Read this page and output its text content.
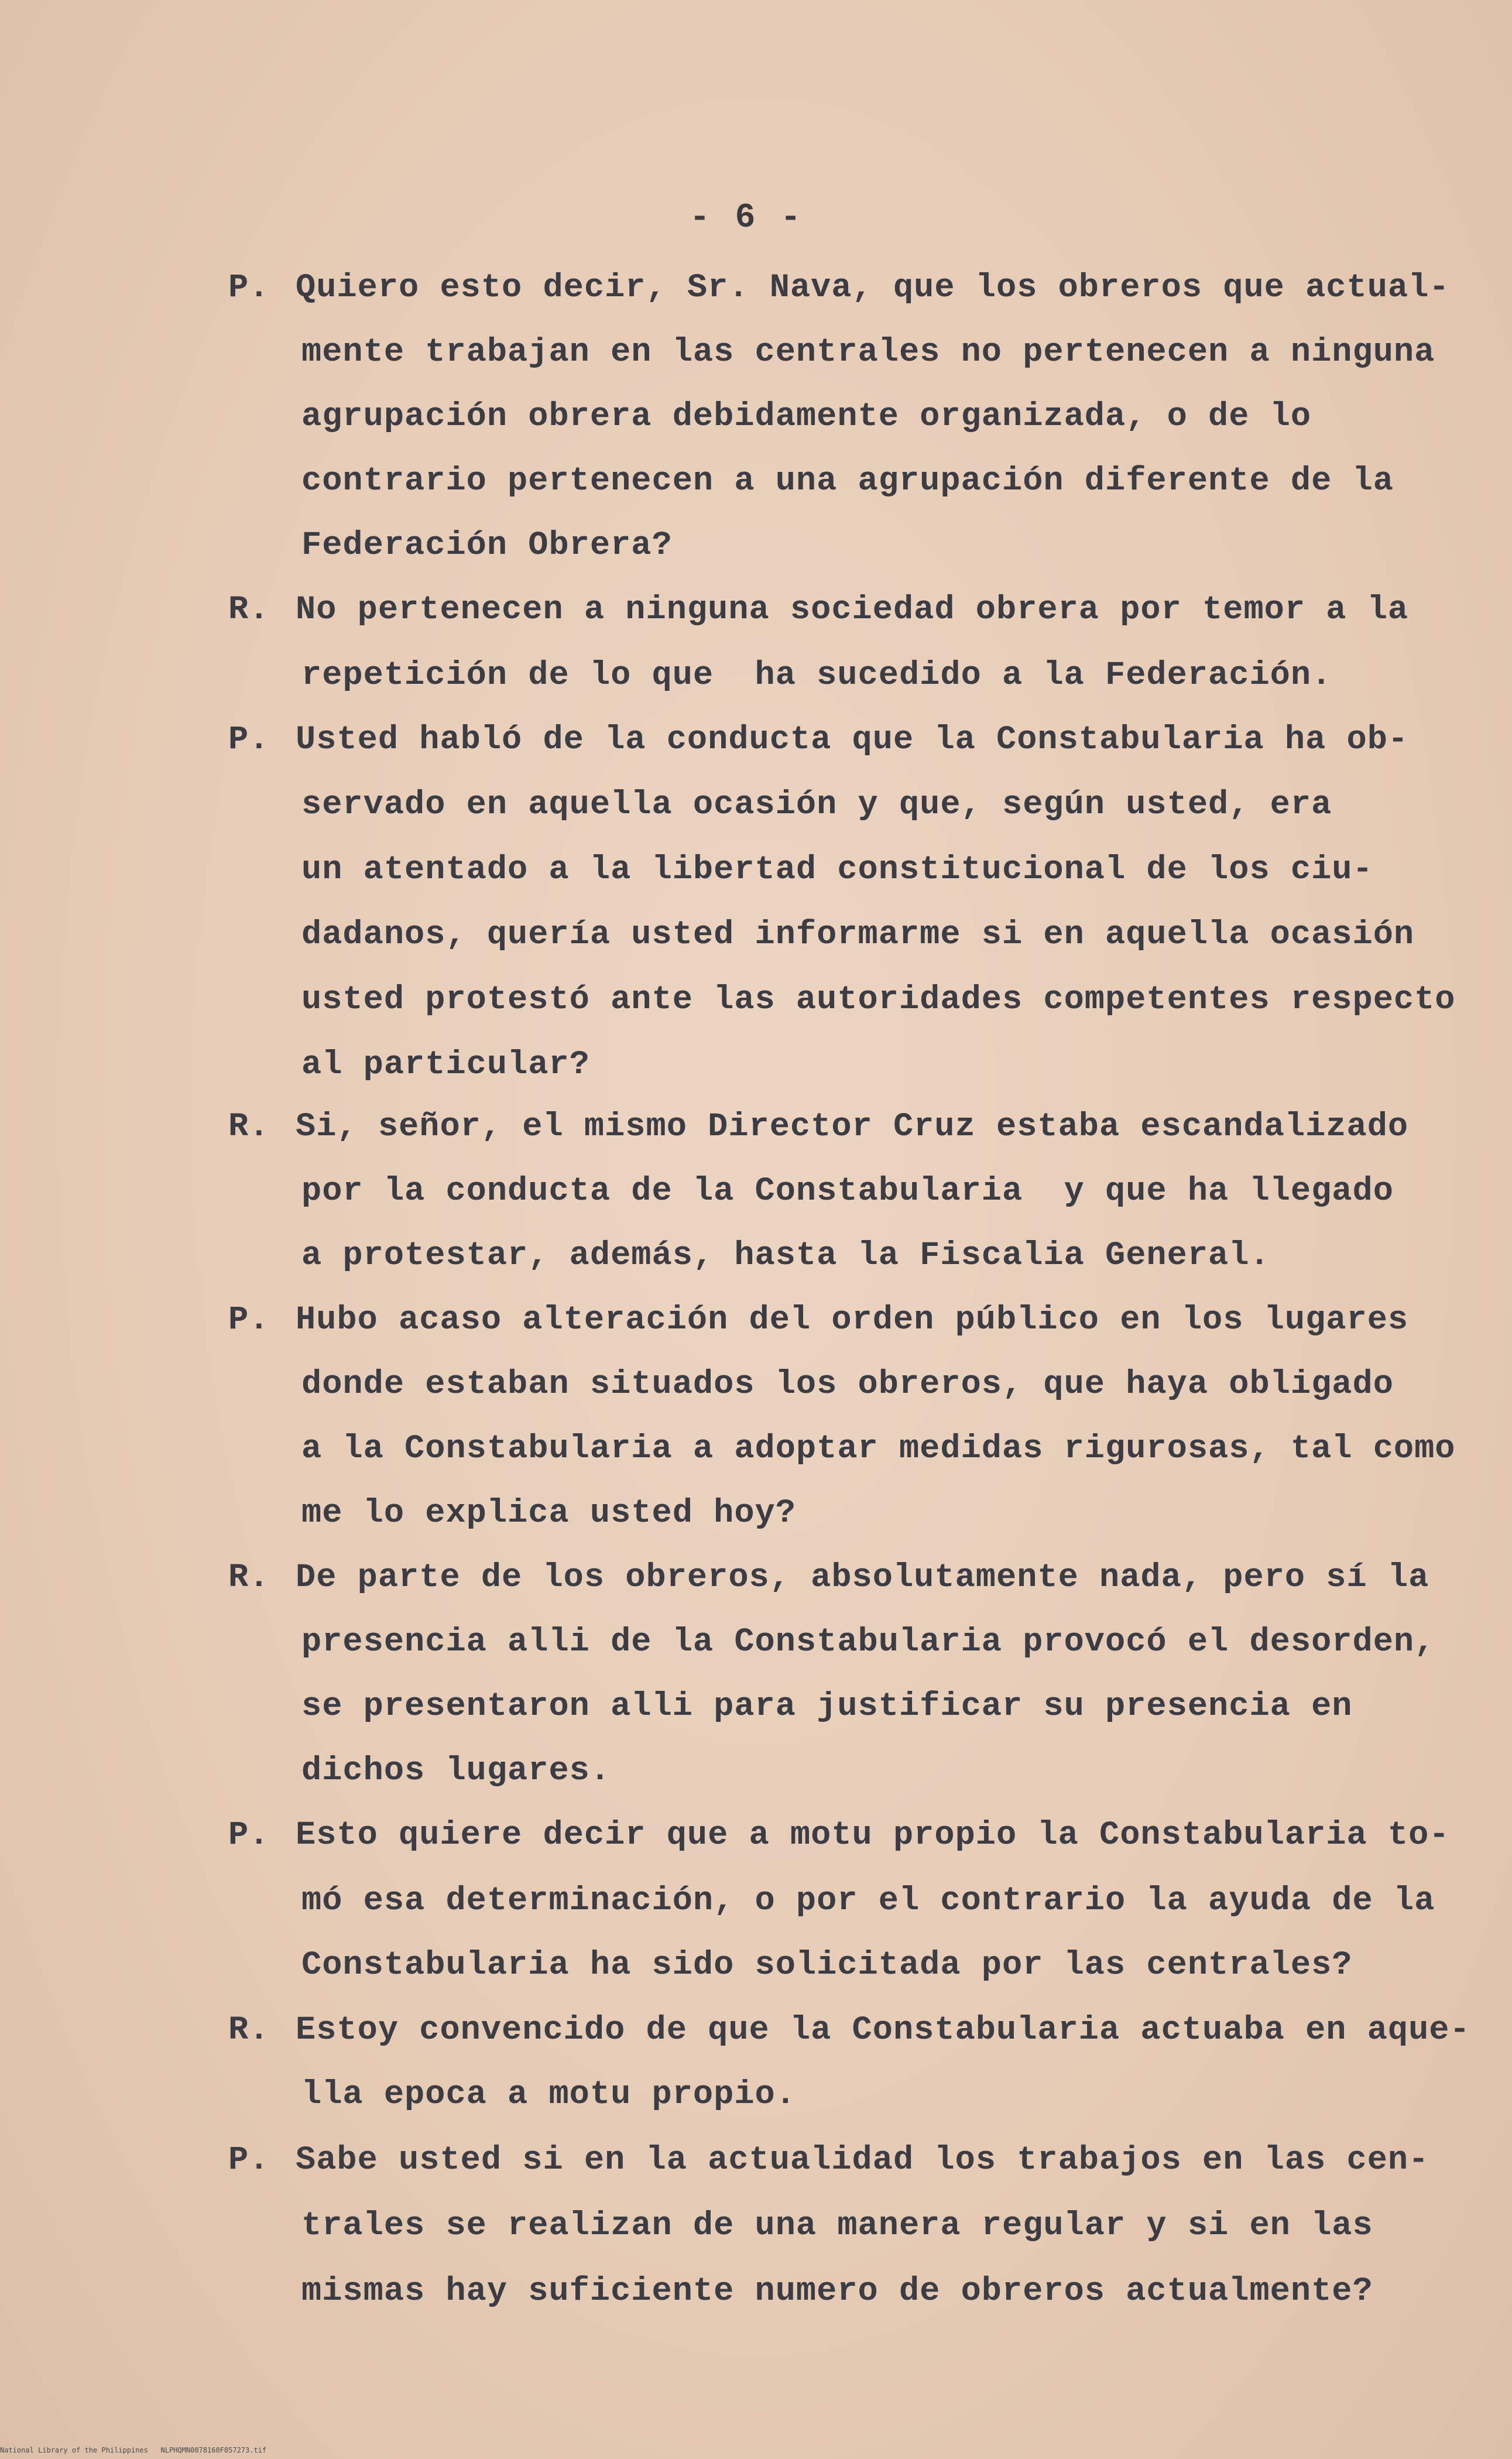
- 6 -
P. Quiero esto decir, Sr. Nava, que los obreros que actual-
mente trabajan en las centrales no pertenecen a ninguna
agrupación obrera debidamente organizada, o de lo
contrario pertenecen a una agrupación diferente de la
Federación Obrera?
R. No pertenecen a ninguna sociedad obrera por temor a la
repetición de lo que  ha sucedido a la Federación.
P. Usted habló de la conducta que la Constabularia ha ob-
servado en aquella ocasión y que, según usted, era
un atentado a la libertad constitucional de los ciu-
dadanos, quería usted informarme si en aquella ocasión
usted protestó ante las autoridades competentes respecto
al particular?
R. Si, señor, el mismo Director Cruz estaba escandalizado
por la conducta de la Constabularia  y que ha llegado
a protestar, además, hasta la Fiscalia General.
P. Hubo acaso alteración del orden público en los lugares
donde estaban situados los obreros, que haya obligado
a la Constabularia a adoptar medidas rigurosas, tal como
me lo explica usted hoy?
R. De parte de los obreros, absolutamente nada, pero sí la
presencia alli de la Constabularia provocó el desorden,
se presentaron alli para justificar su presencia en
dichos lugares.
P. Esto quiere decir que a motu propio la Constabularia to-
mó esa determinación, o por el contrario la ayuda de la
Constabularia ha sido solicitada por las centrales?
R. Estoy convencido de que la Constabularia actuaba en aque-
lla epoca a motu propio.
P. Sabe usted si en la actualidad los trabajos en las cen-
trales se realizan de una manera regular y si en las
mismas hay suficiente numero de obreros actualmente?
National Library of the Philippines   NLPHQMN0078160F057273.tif
